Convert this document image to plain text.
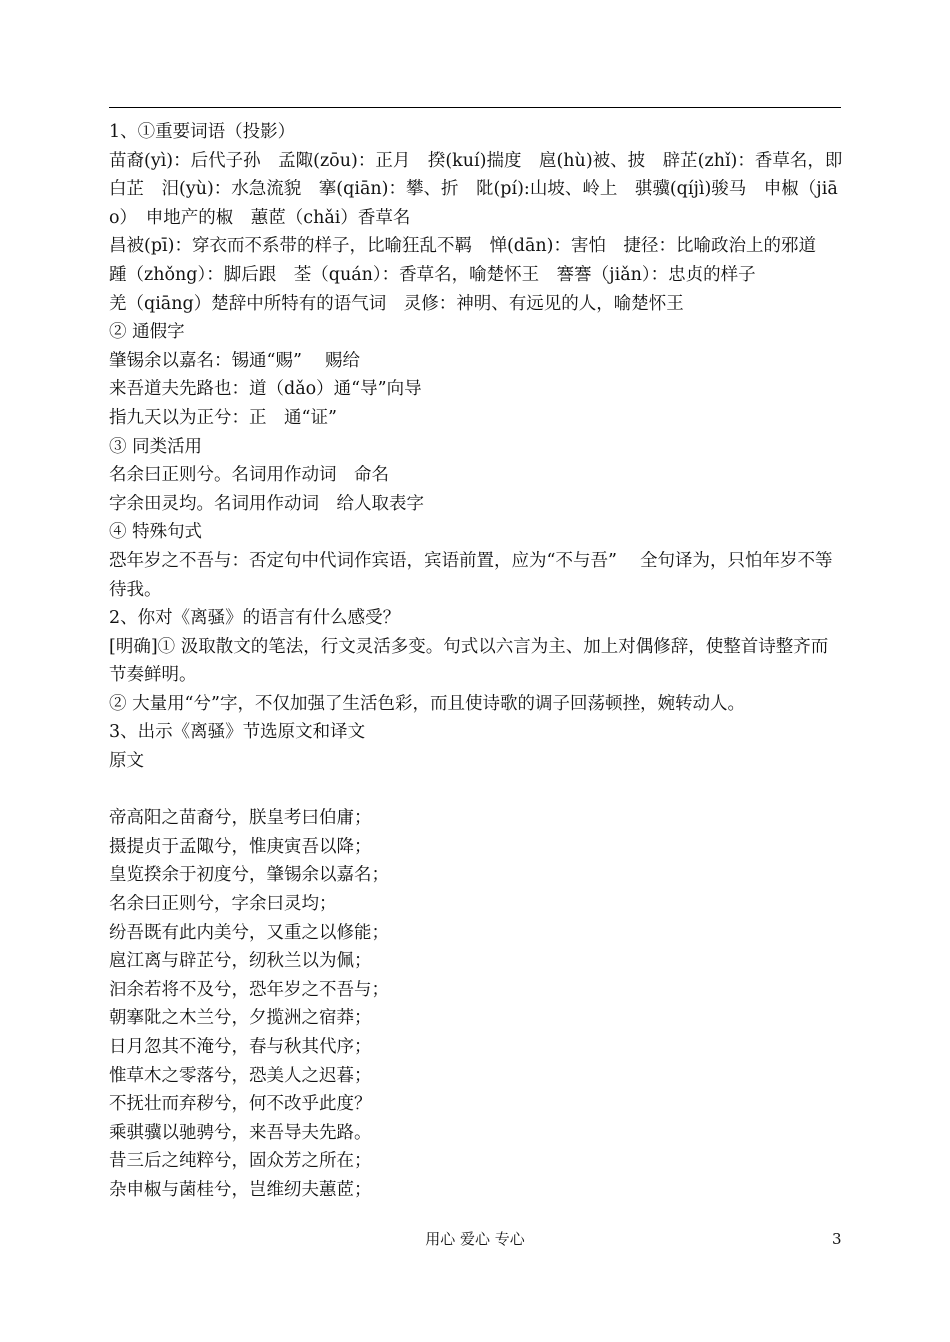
1、①重要词语（投影）

苗裔(yì)：后代子孙　孟陬(zōu)：正月　揆(kuí)揣度　扈(hù)被、披　辟芷(zhǐ)：香草名，即白芷　汨(yù)：水急流貌　搴(qiān)：攀、折　阰(pí):山坡、岭上　骐骥(qíjì)骏马　申椒（jiāo）　申地产的椒　蕙茝（chǎi）香草名

昌被(pī)：穿衣而不系带的样子，比喻狂乱不羁　惮(dān)：害怕　捷径：比喻政治上的邪道

踵（zhǒng）：脚后跟　荃（quán）：香草名，喻楚怀王　謇謇（jiǎn）：忠贞的样子

羌（qiāng）楚辞中所特有的语气词　灵修：神明、有远见的人，喻楚怀王

② 通假字

肇锡余以嘉名：锡通“赐”　 赐给

来吾道夫先路也：道（dǎo）通“导”向导

指九天以为正兮：正　通“证”

③ 同类活用

名余曰正则兮。名词用作动词　命名

字余田灵均。名词用作动词　给人取表字

④ 特殊句式

恐年岁之不吾与：否定句中代词作宾语，宾语前置，应为“不与吾”　 全句译为，只怕年岁不等待我。

2、你对《离骚》的语言有什么感受？

[明确]① 汲取散文的笔法，行文灵活多变。句式以六言为主、加上对偶修辞，使整首诗整齐而节奏鲜明。

② 大量用“兮”字，不仅加强了生活色彩，而且使诗歌的调子回荡顿挫，婉转动人。

3、出示《离骚》节选原文和译文

原文

帝高阳之苗裔兮，朕皇考曰伯庸；

摄提贞于孟陬兮，惟庚寅吾以降；

皇览揆余于初度兮，肇锡余以嘉名；

名余曰正则兮，字余曰灵均；

纷吾既有此内美兮，又重之以修能；

扈江离与辟芷兮，纫秋兰以为佩；

汩余若将不及兮，恐年岁之不吾与；

朝搴阰之木兰兮，夕揽洲之宿莽；

日月忽其不淹兮，春与秋其代序；

惟草木之零落兮，恐美人之迟暮；

不抚壮而弃秽兮，何不改乎此度？

乘骐骥以驰骋兮，来吾导夫先路。

昔三后之纯粹兮，固众芳之所在；

杂申椒与菌桂兮，岂维纫夫蕙茝；

用心 爱心 专心	3
